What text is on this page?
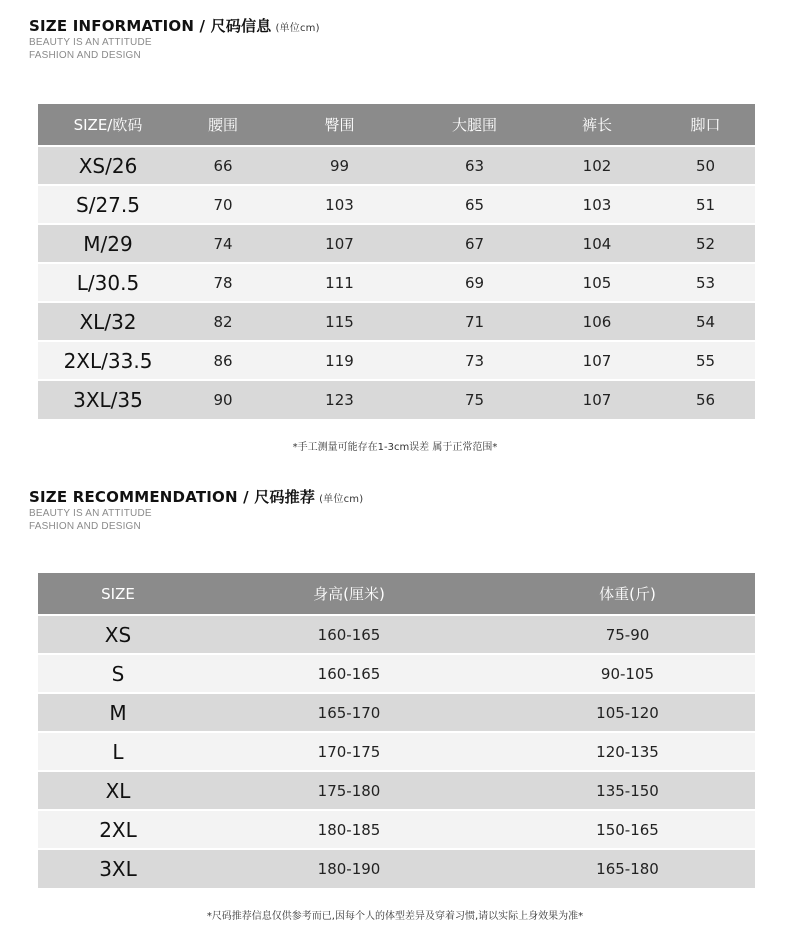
SIZE INFORMATION / 尺码信息 (单位cm)
BEAUTY IS AN ATTITUDE
FASHION AND DESIGN
SIZE/欧码	腰围	臀围	大腿围	裤长	脚口
XS/26	66	99	63	102	50
S/27.5	70	103	65	103	51
M/29	74	107	67	104	52
L/30.5	78	111	69	105	53
XL/32	82	115	71	106	54
2XL/33.5	86	119	73	107	55
3XL/35	90	123	75	107	56
*手工测量可能存在1-3cm误差 属于正常范围*
SIZE RECOMMENDATION / 尺码推荐 (单位cm)
BEAUTY IS AN ATTITUDE
FASHION AND DESIGN
SIZE	身高(厘米)	体重(斤)
XS	160-165	75-90
S	160-165	90-105
M	165-170	105-120
L	170-175	120-135
XL	175-180	135-150
2XL	180-185	150-165
3XL	180-190	165-180
*尺码推荐信息仅供参考而已,因每个人的体型差异及穿着习惯,请以实际上身效果为准*
